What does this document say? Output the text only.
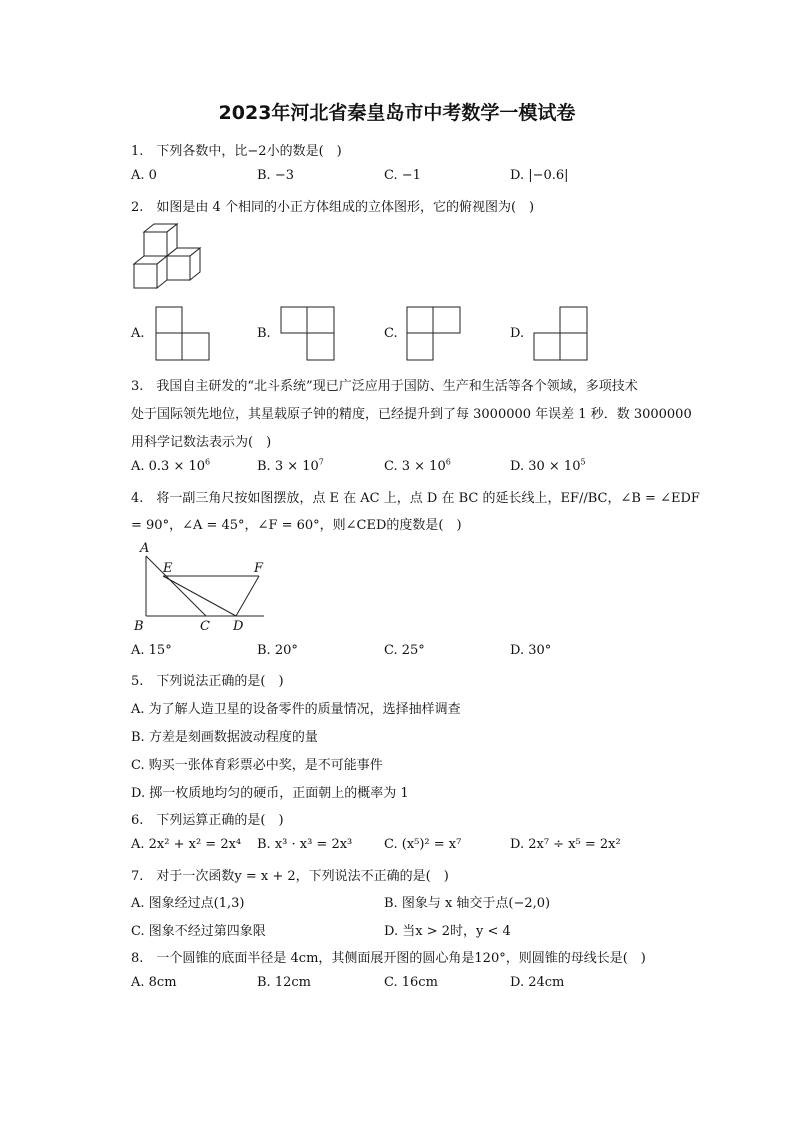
2023年河北省秦皇岛市中考数学一模试卷
1.　下列各数中，比−2小的数是(　)
A. 0	B. −3	C. −1	D. |−0.6|
2.　如图是由 4 个相同的小正方体组成的立体图形，它的俯视图为(　)
A.	B.	C.	D.
3.　我国自主研发的“北斗系统”现已广泛应用于国防、生产和生活等各个领域，多项技术
处于国际领先地位，其星载原子钟的精度，已经提升到了每 3000000 年误差 1 秒．数 3000000
用科学记数法表示为(　)
A. $0.3 \times 10^6$	B. $3 \times 10^7$	C. $3 \times 10^6$	D. $30 \times 10^5$
4.　将一副三角尺按如图摆放，点 E 在 AC 上，点 D 在 BC 的延长线上，EF//BC，∠B = ∠EDF
= 90°，∠A = 45°，∠F = 60°，则∠CED的度数是(　)
A
B	C D
E	F
A. 15°	B. 20°	C. 25°	D. 30°
5.　下列说法正确的是(　)
A. 为了解人造卫星的设备零件的质量情况，选择抽样调查
B. 方差是刻画数据波动程度的量
C. 购买一张体育彩票必中奖，是不可能事件
D. 掷一枚质地均匀的硬币，正面朝上的概率为 1
6.　下列运算正确的是(　)
A. 2x² + x² = 2x⁴ B. x³ · x³ = 2x³ C. (x⁵)² = x⁷	D. 2x⁷ ÷ x⁵ = 2x²
7.　对于一次函数y = x + 2，下列说法不正确的是(　)
A. 图象经过点(1,3)	B. 图象与 x 轴交于点(−2,0)
C. 图象不经过第四象限	D. 当x > 2时，y < 4
8.　一个圆锥的底面半径是 4cm，其侧面展开图的圆心角是120°，则圆锥的母线长是(　)
A. 8cm	B. 12cm	C. 16cm	D. 24cm
